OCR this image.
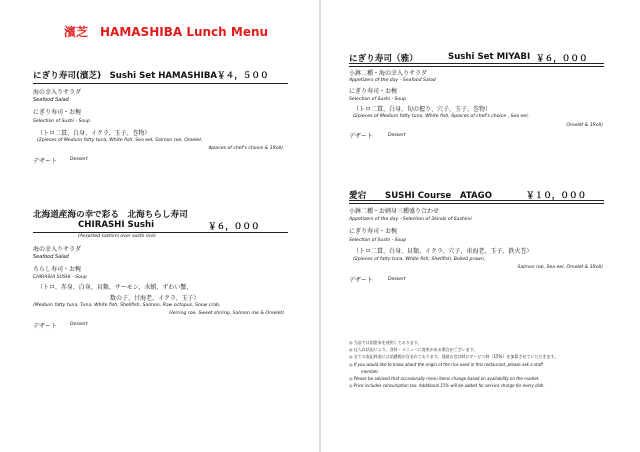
濱芝　HAMASHIBA Lunch Menu
にぎり寿司(濱芝)　Sushi Set HAMASHIBA￥４，５００
海の幸入りサラダ
Seafood Salad
にぎり寿司・お椀
Selection of Sushi・Soup
（トロ二貫、白身、イクラ、玉子、巻物）
(2pieces of Medium fatty tuna, White fish, Sea eel, Salmon roe, Omelet,
4pieces of chef's choice & 1Roll)
デザート	Dessert
北海道産海の幸で彩る　北海ちらし寿司
CHIRASHI Sushi	￥６，０００
(Assorted sashimi over sushi rice)
海の幸入りサラダ
Seafood Salad
ちらし寿司・お椀
CHIRASHI SUSHI・Soup
（トロ、赤身、白身、貝類、サーモン、水蛸、ずわい蟹、
数の子、甘海老、イクラ、玉子）
(Medium fatty tuna, Tuna, White fish, Shellfish, Salmon, Raw octopus, Snow crab,
Herring roe, Sweet shrimp, Salmon roe & Omelet)
デザート	Dessert
にぎり寿司（雅）	Sushi Set MIYABI ￥６，０００
小鉢二種・海の幸入りサラダ
Appetizers of the day・Seafood Salad
にぎり寿司・お椀
Selection of Sushi・Soup
（トロ二貫、白身、旬の握り、穴子、玉子、巻物）
(2pieces of Medium fatty tuna, White fish, 6pieces of chef's choice , Sea eel,
Omelet & 1Roll)
デザート	Dessert
愛宕 SUSHI Course　ATAGO	￥１０，０００
小鉢二種・お刺身三種盛り合わせ
Appetizers of the day・Selection of 3kinds of Sashimi
にぎり寿司・お椀
Selection of Sushi・Soup
（トロ二貫、白身、貝類、イクラ、穴子、車海老、玉子、鉄火巻）
(2pieces of fatty tuna, White fish, Shellfish, Boiled prawn,
Salmon roe, Sea eel, Omelet & 1Roll)
デザート	Dessert
◎ 当店では国産米を使用しております。
◎ 仕入れ状況により、食材・メニューに変更がある場合がございます。
◎ 全ての表記料金には消費税が含まれております。別途お会計時にサービス料（15%）を加算させていただきます。
◎ If you would like to know about the origin of the rice used in this restaurant, please ask a staff
member.
◎ Please be advised that occasionally menu items change based on availability on the market.
◎ Price includes consumption tax. Additional 15% will be added for service charge for every dish.
